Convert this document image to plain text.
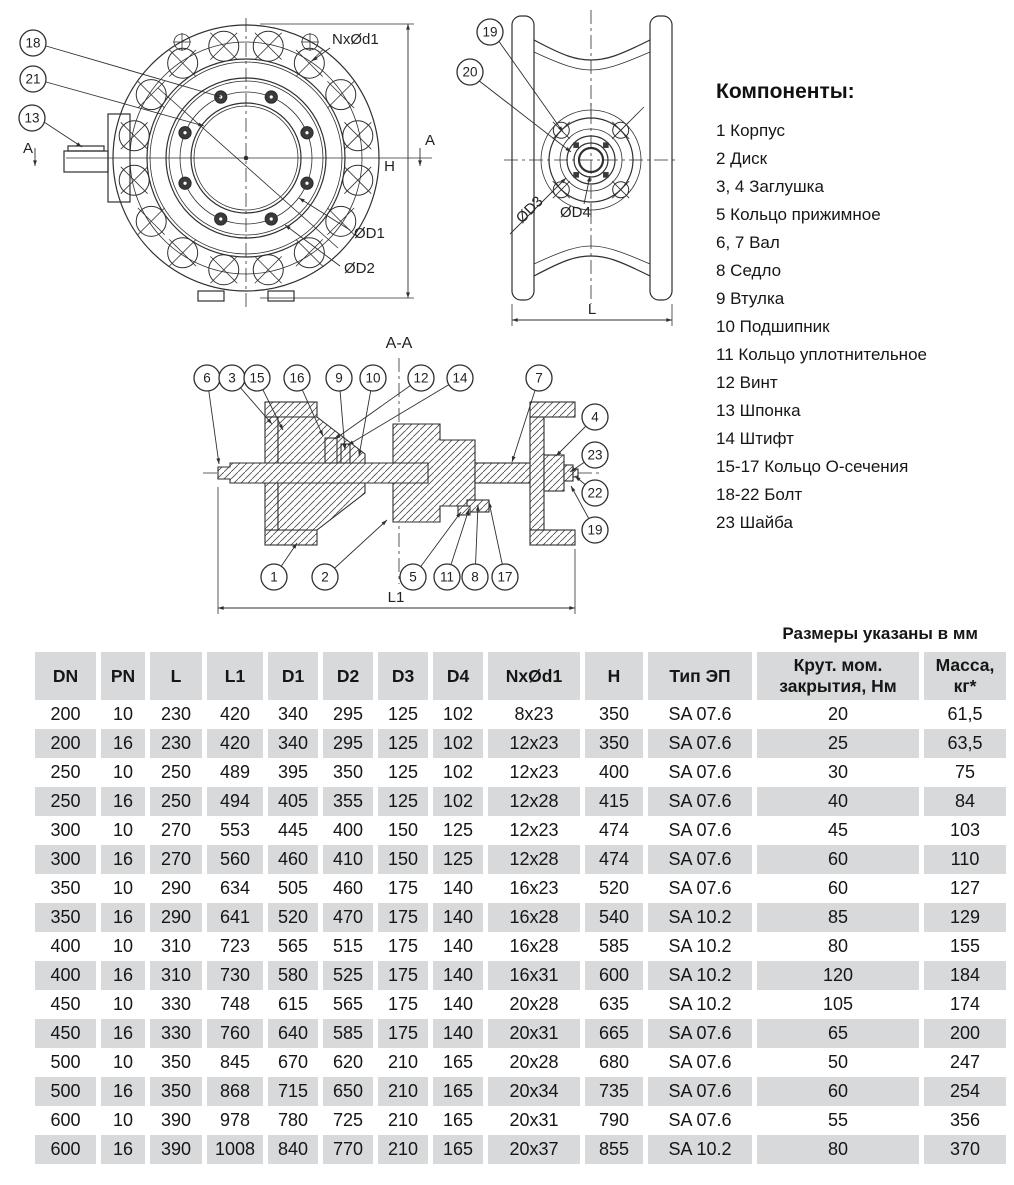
18
21
13
NxØd1
H
A	A
ØD1
ØD2
19
20
ØD3 ØD4
L
A-A
6 3 15 16 9 10 12 14	7
4
23
22
19
1	2	5 11 8 17
L1
Компоненты:
1 Корпус
2 Диск
3, 4 Заглушка
5 Кольцо прижимное
6, 7 Вал
8 Седло
9 Втулка
10 Подшипник
11 Кольцо уплотнительное
12 Винт
13 Шпонка
14 Штифт
15-17 Кольцо О-сечения
18-22 Болт
23 Шайба
Размеры указаны в мм
DN	PN	L	L1	D1	D2	D3	D4	NxØd1	H	Тип ЭП	Крут. мом.
закрытия, Нм	Масса,
кг*
200	10	230	420	340	295	125	102	8x23	350	SA 07.6	20	61,5
200	16	230	420	340	295	125	102	12x23	350	SA 07.6	25	63,5
250	10	250	489	395	350	125	102	12x23	400	SA 07.6	30	75
250	16	250	494	405	355	125	102	12x28	415	SA 07.6	40	84
300	10	270	553	445	400	150	125	12x23	474	SA 07.6	45	103
300	16	270	560	460	410	150	125	12x28	474	SA 07.6	60	110
350	10	290	634	505	460	175	140	16x23	520	SA 07.6	60	127
350	16	290	641	520	470	175	140	16x28	540	SA 10.2	85	129
400	10	310	723	565	515	175	140	16x28	585	SA 10.2	80	155
400	16	310	730	580	525	175	140	16x31	600	SA 10.2	120	184
450	10	330	748	615	565	175	140	20x28	635	SA 10.2	105	174
450	16	330	760	640	585	175	140	20x31	665	SA 07.6	65	200
500	10	350	845	670	620	210	165	20x28	680	SA 07.6	50	247
500	16	350	868	715	650	210	165	20x34	735	SA 07.6	60	254
600	10	390	978	780	725	210	165	20x31	790	SA 07.6	55	356
600	16	390	1008	840	770	210	165	20x37	855	SA 10.2	80	370
